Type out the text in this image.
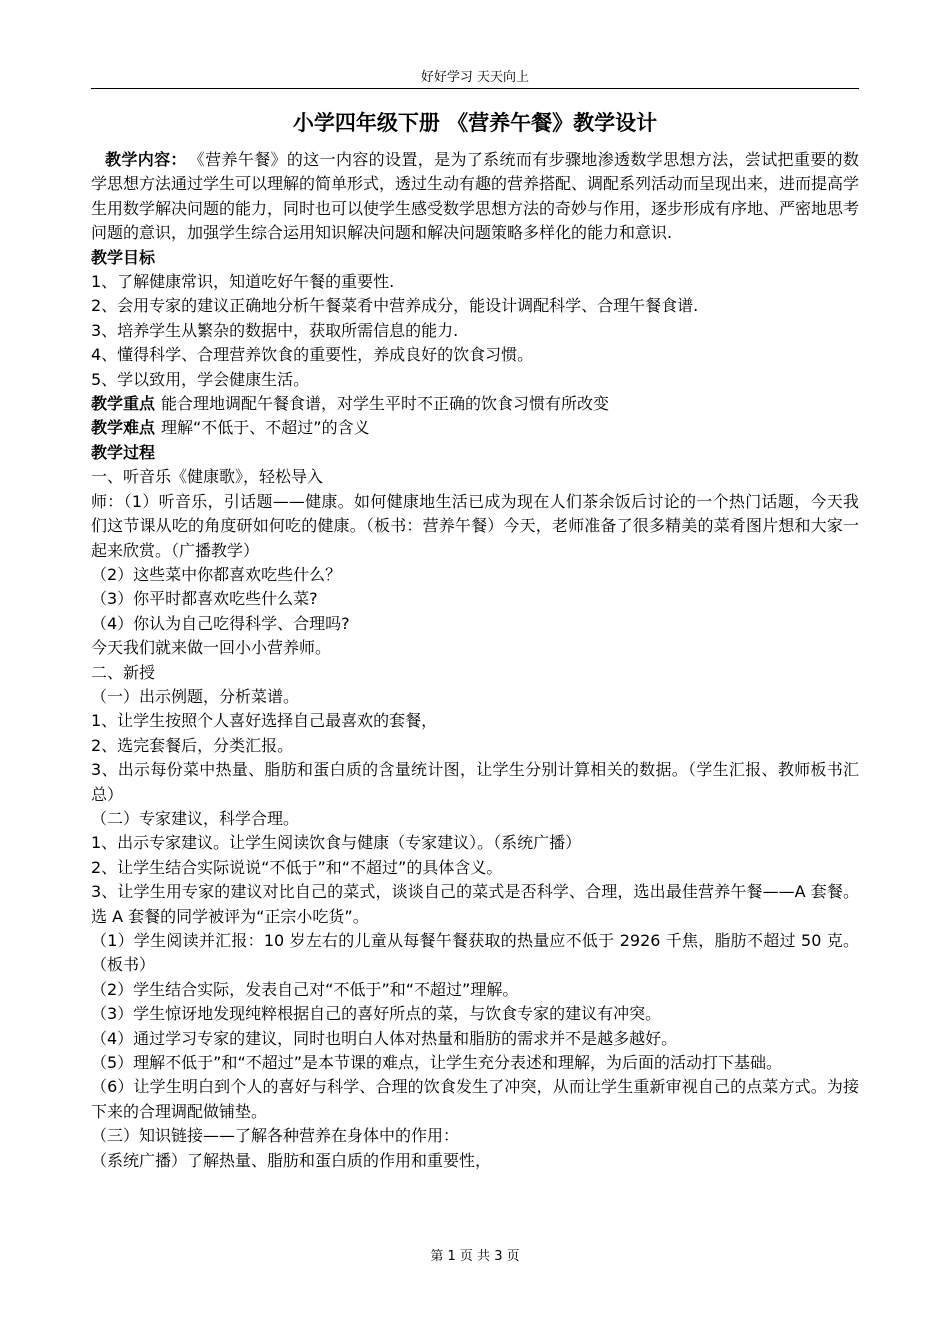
好好学习 天天向上
小学四年级下册 《营养午餐》教学设计

教学内容： 《营养午餐》的这一内容的设置，是为了系统而有步骤地渗透数学思想方法，尝试把重要的数学思想方法通过学生可以理解的简单形式，透过生动有趣的营养搭配、调配系列活动而呈现出来，进而提高学生用数学解决问题的能力，同时也可以使学生感受数学思想方法的奇妙与作用，逐步形成有序地、严密地思考问题的意识，加强学生综合运用知识解决问题和解决问题策略多样化的能力和意识.

教学目标

1、了解健康常识，知道吃好午餐的重要性.

2、会用专家的建议正确地分析午餐菜肴中营养成分，能设计调配科学、合理午餐食谱.

3、培养学生从繁杂的数据中，获取所需信息的能力.

4、懂得科学、合理营养饮食的重要性，养成良好的饮食习惯。

5、学以致用，学会健康生活。

教学重点 能合理地调配午餐食谱，对学生平时不正确的饮食习惯有所改变

教学难点 理解“不低于、不超过”的含义

教学过程

一、听音乐《健康歌》，轻松导入

师：（1）听音乐，引话题——健康。如何健康地生活已成为现在人们茶余饭后讨论的一个热门话题，今天我们这节课从吃的角度研如何吃的健康。（板书：营养午餐）今天，老师准备了很多精美的菜肴图片想和大家一起来欣赏。（广播教学）

（2）这些菜中你都喜欢吃些什么？

（3）你平时都喜欢吃些什么菜?

（4）你认为自己吃得科学、合理吗?

今天我们就来做一回小小营养师。

二、新授

（一）出示例题，分析菜谱。

1、让学生按照个人喜好选择自己最喜欢的套餐，

2、选完套餐后，分类汇报。

3、出示每份菜中热量、脂肪和蛋白质的含量统计图，让学生分别计算相关的数据。（学生汇报、教师板书汇总）

（二）专家建议，科学合理。

1、出示专家建议。让学生阅读饮食与健康（专家建议）。（系统广播）

2、让学生结合实际说说“不低于”和“不超过”的具体含义。

3、让学生用专家的建议对比自己的菜式，谈谈自己的菜式是否科学、合理，选出最佳营养午餐——A 套餐。选 A 套餐的同学被评为“正宗小吃货”。

（1）学生阅读并汇报：10 岁左右的儿童从每餐午餐获取的热量应不低于 2926 千焦，脂肪不超过 50 克。（板书）

（2）学生结合实际，发表自己对“不低于”和“不超过”理解。

（3）学生惊讶地发现纯粹根据自己的喜好所点的菜，与饮食专家的建议有冲突。

（4）通过学习专家的建议，同时也明白人体对热量和脂肪的需求并不是越多越好。

（5）理解不低于”和“不超过”是本节课的难点，让学生充分表述和理解，为后面的活动打下基础。

（6）让学生明白到个人的喜好与科学、合理的饮食发生了冲突，从而让学生重新审视自己的点菜方式。为接下来的合理调配做铺垫。

（三）知识链接——了解各种营养在身体中的作用：

（系统广播）了解热量、脂肪和蛋白质的作用和重要性，

第 1 页 共 3 页
